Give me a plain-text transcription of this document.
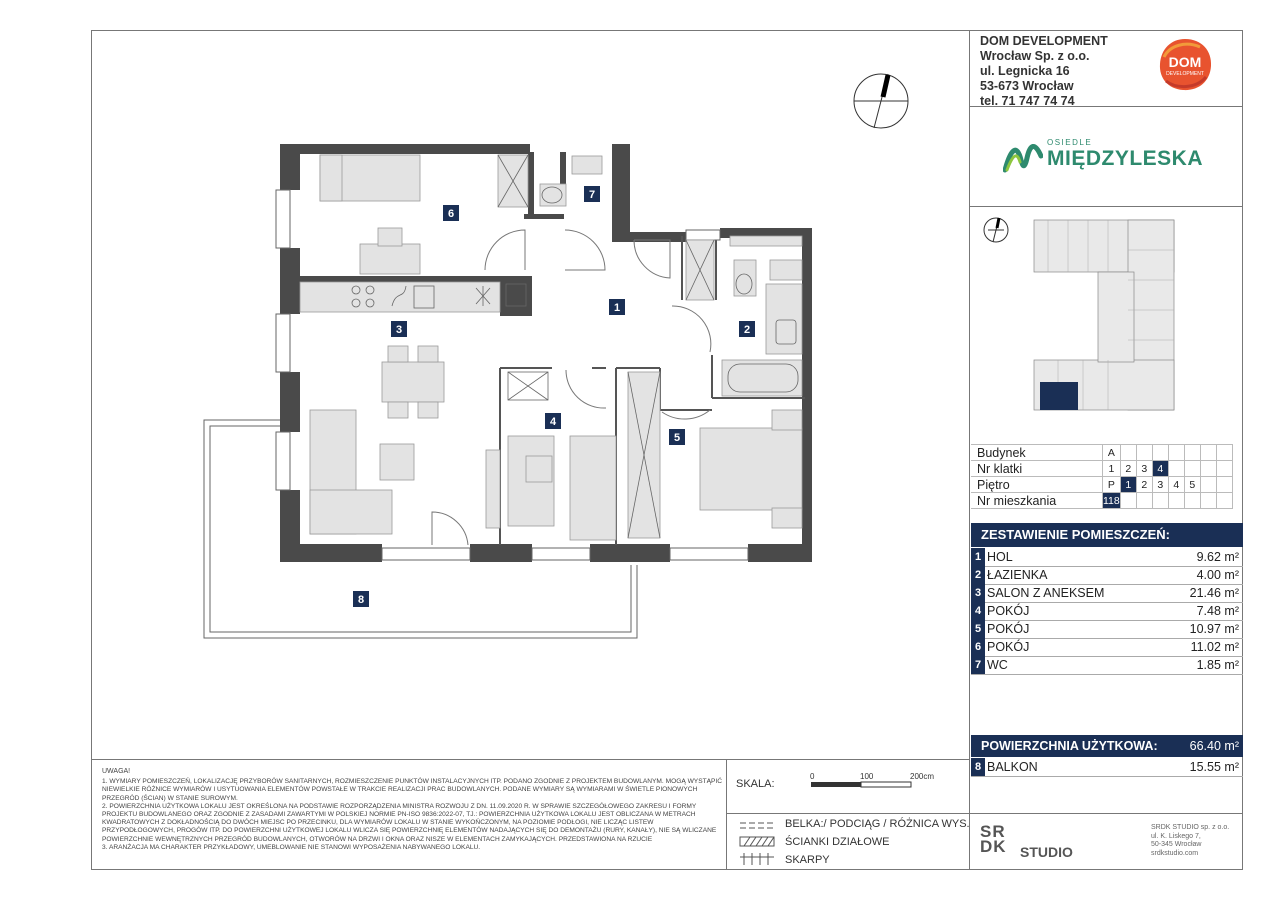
DOM DEVELOPMENT
Wrocław Sp. z o.o.
ul. Legnicka 16
53-673 Wrocław
tel. 71 747 74 74
DOM
DEVELOPMENT
OSIEDLE
MIĘDZYLESKA
Budynek	A							
Nr klatki	1	2	3	4				
Piętro	P	1	2	3	4	5		
Nr mieszkania	118							
ZESTAWIENIE POMIESZCZEŃ:
1 HOL	9.62 m²
2 ŁAZIENKA	4.00 m²
3 SALON Z ANEKSEM	21.46 m²
4 POKÓJ	7.48 m²
5 POKÓJ	10.97 m²
6 POKÓJ	11.02 m²
7 WC	1.85 m²
POWIERZCHNIA UŻYTKOWA:	66.40 m²
8 BALKON	15.55 m²
1
2
3
4
5
6
7
8
UWAGA!

1. WYMIARY POMIESZCZEŃ, LOKALIZACJĘ PRZYBORÓW SANITARNYCH, ROZMIESZCZENIE PUNKTÓW INSTALACYJNYCH ITP. PODANO ZGODNIE Z PROJEKTEM BUDOWLANYM. MOGĄ WYSTĄPIĆ NIEWIELKIE RÓŻNICE WYMIARÓW I USYTUOWANIA ELEMENTÓW POWSTAŁE W TRAKCIE REALIZACJI PRAC BUDOWLANYCH. PODANE WYMIARY SĄ WYMIARAMI W ŚWIETLE PIONOWYCH PRZEGRÓD (ŚCIAN) W STANIE SUROWYM.

2. POWIERZCHNIA UŻYTKOWA LOKALU JEST OKREŚLONA NA PODSTAWIE ROZPORZĄDZENIA MINISTRA ROZWOJU Z DN. 11.09.2020 R. W SPRAWIE SZCZEGÓŁOWEGO ZAKRESU I FORMY PROJEKTU BUDOWLANEGO ORAZ ZGODNIE Z ZASADAMI ZAWARTYMI W POLSKIEJ NORMIE PN-ISO 9836:2022-07, TJ.: POWIERZCHNIA UŻYTKOWA LOKALU JEST OBLICZANA W METRACH KWADRATOWYCH Z DOKŁADNOŚCIĄ DO DWÓCH MIEJSC PO PRZECINKU, DLA WYMIARÓW LOKALU W STANIE WYKOŃCZONYM, NA POZIOMIE PODŁOGI, NIE LICZĄC LISTEW PRZYPODŁOGOWYCH, PROGÓW ITP. DO POWIERZCHNI UŻYTKOWEJ LOKALU WLICZA SIĘ POWIERZCHNIĘ ELEMENTÓW NADAJĄCYCH SIĘ DO DEMONTAŻU (RURY, KANAŁY), NIE SĄ WLICZANE POWIERZCHNIE WEWNĘTRZNYCH PRZEGRÓD BUDOWLANYCH, OTWORÓW NA DRZWI I OKNA ORAZ NISZE W ELEMENTACH ZAMYKAJĄCYCH. PRZEDSTAWIONA NA RZUCIE

3. ARANŻACJA MA CHARAKTER PRZYKŁADOWY, UMEBLOWANIE NIE STANOWI WYPOSAŻENIA NABYWANEGO LOKALU.

SKALA:
0	100	200cm
BELKA:/ PODCIĄG / RÓŻNICA WYS.
ŚCIANKI DZIAŁOWE
SKARPY
SR
DK STUDIO
SRDK STUDIO sp. z o.o.
ul. K. Liskego 7,
50-345 Wrocław
srdkstudio.com
